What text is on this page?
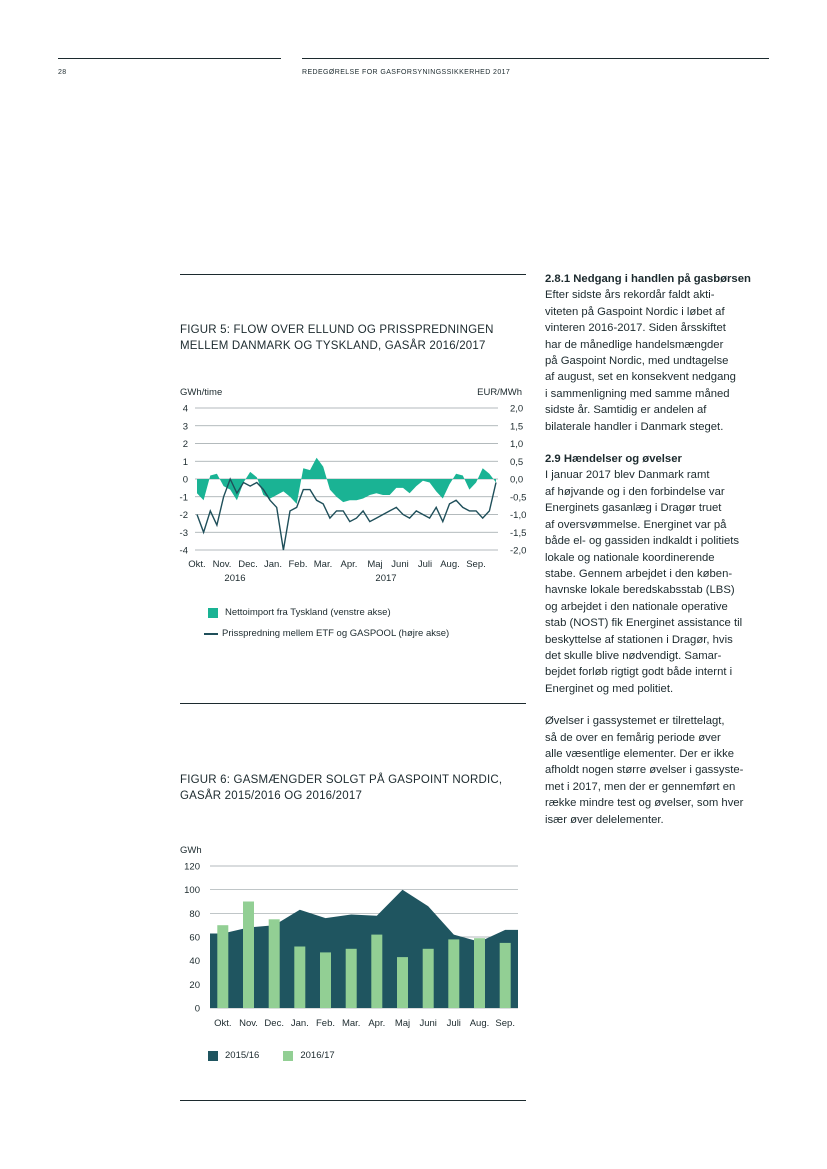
28	REDEGØRELSE FOR GASFORSYNINGSSIKKERHED 2017
FIGUR 5: FLOW OVER ELLUND OG PRISSPREDNINGEN
MELLEM DANMARK OG TYSKLAND, GASÅR 2016/2017
GWh/time	EUR/MWh
4	2,0
3	1,5
2	1,0
1	0,5
0	0,0
-1	-0,5
-2	-1,0
-3	-1,5
-4	-2,0
Okt. Nov. Dec. Jan. Feb. Mar. Apr. Maj Juni Juli Aug. Sep.
2016	2017
Nettoimport fra Tyskland (venstre akse)
Prisspredning mellem ETF og GASPOOL (højre akse)
FIGUR 6: GASMÆNGDER SOLGT PÅ GASPOINT NORDIC,
GASÅR 2015/2016 OG 2016/2017
GWh
120
100
80
60
40
20
0
Okt. Nov. Dec. Jan. Feb. Mar. Apr. Maj Juni Juli Aug. Sep.
2015/16	2016/17
2.8.1 Nedgang i handlen på gasbørsen
Efter sidste års rekordår faldt akti-
viteten på Gaspoint Nordic i løbet af
vinteren 2016-2017. Siden årsskiftet
har de månedlige handelsmængder
på Gaspoint Nordic, med undtagelse
af august, set en konsekvent nedgang
i sammenligning med samme måned
sidste år. Samtidig er andelen af
bilaterale handler i Danmark steget.
2.9 Hændelser og øvelser
I januar 2017 blev Danmark ramt
af højvande og i den forbindelse var
Energinets gasanlæg i Dragør truet
af oversvømmelse. Energinet var på
både el- og gassiden indkaldt i politiets
lokale og nationale koordinerende
stabe. Gennem arbejdet i den køben-
havnske lokale beredskabsstab (LBS)
og arbejdet i den nationale operative
stab (NOST) fik Energinet assistance til
beskyttelse af stationen i Dragør, hvis
det skulle blive nødvendigt. Samar-
bejdet forløb rigtigt godt både internt i
Energinet og med politiet.
Øvelser i gassystemet er tilrettelagt,
så de over en femårig periode øver
alle væsentlige elementer. Der er ikke
afholdt nogen større øvelser i gassyste-
met i 2017, men der er gennemført en
række mindre test og øvelser, som hver
især øver delelementer.
